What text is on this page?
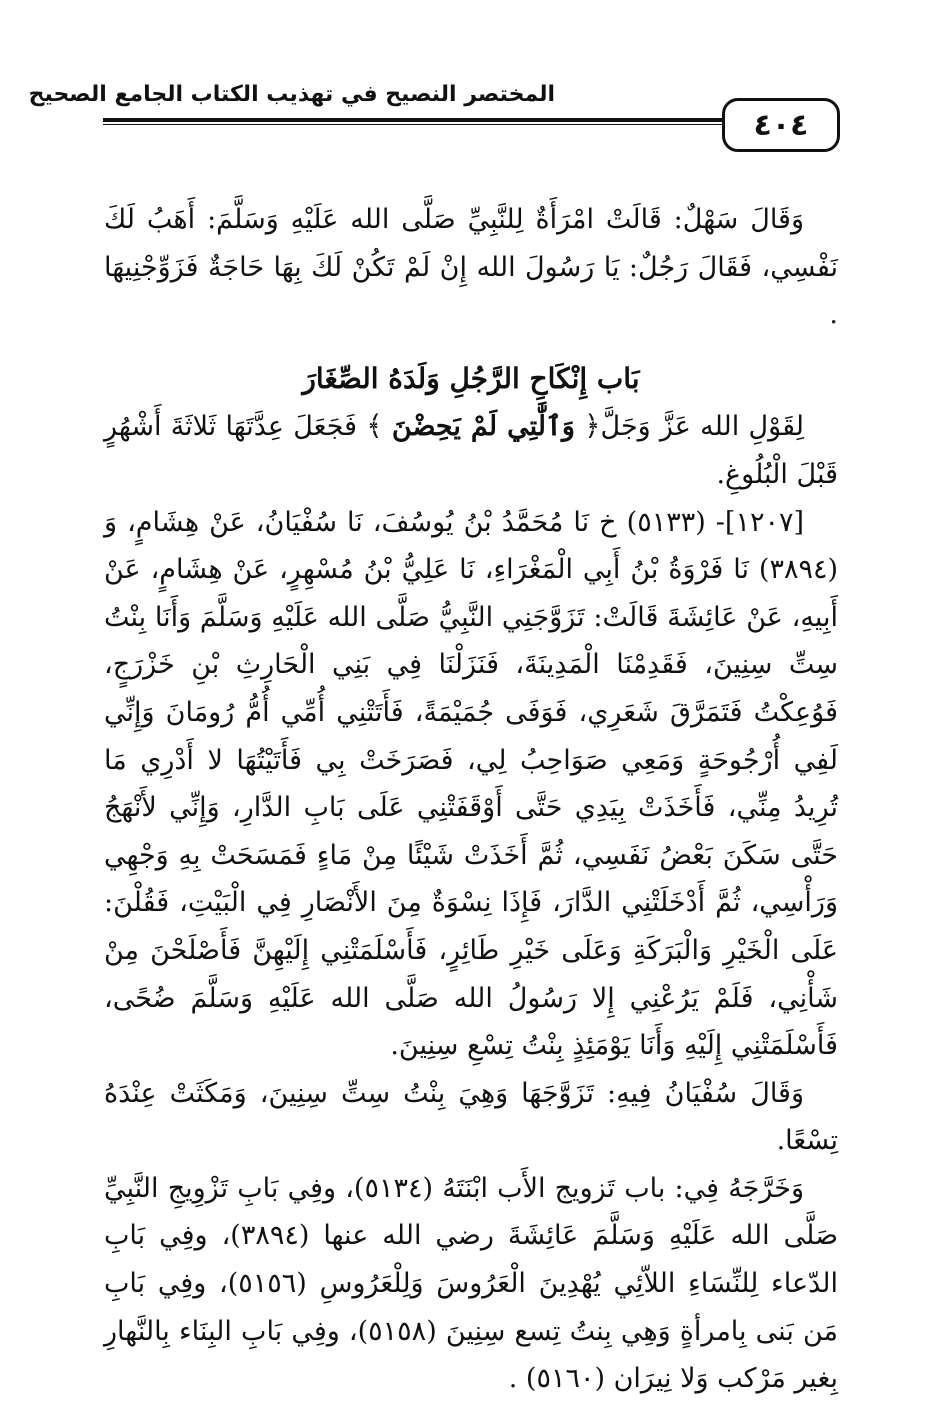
المختصر النصيح في تهذيب الكتاب الجامع الصحيح
٤٠٤

وَقَالَ سَهْلٌ: قَالَتْ امْرَأَةٌ لِلنَّبِيِّ صَلَّى الله عَلَيْهِ وَسَلَّمَ: أَهَبُ لَكَ نَفْسِي، فَقَالَ رَجُلٌ: يَا رَسُولَ الله إِنْ لَمْ تَكُنْ لَكَ بِهَا حَاجَةٌ فَزَوِّجْنِيهَا .

بَاب إِنْكَاحِ الرَّجُلِ وَلَدَهُ الصِّغَارَ

لِقَوْلِ الله عَزَّ وَجَلَّ﴿ وَٱلَّٰتِي لَمْ يَحِضْنَ ﴾ فَجَعَلَ عِدَّتَهَا ثَلاثَةَ أَشْهُرٍ قَبْلَ الْبُلُوغِ.

[١٢٠٧]- (٥١٣٣) خ نَا مُحَمَّدُ بْنُ يُوسُفَ، نَا سُفْيَانُ، عَنْ هِشَامٍ، وَ (٣٨٩٤) نَا فَرْوَةُ بْنُ أَبِي الْمَغْرَاءِ، نَا عَلِيُّ بْنُ مُسْهِرٍ، عَنْ هِشَامٍ، عَنْ أَبِيهِ، عَنْ عَائِشَةَ قَالَتْ: تَزَوَّجَنِي النَّبِيُّ صَلَّى الله عَلَيْهِ وَسَلَّمَ وَأَنَا بِنْتُ سِتِّ سِنِينَ، فَقَدِمْنَا الْمَدِينَةَ، فَنَزَلْنَا فِي بَنِي الْحَارِثِ بْنِ خَزْرَجٍ، فَوُعِكْتُ فَتَمَرَّقَ شَعَرِي، فَوَفَى جُمَيْمَةً، فَأَتَتْنِي أُمِّي أُمُّ رُومَانَ وَإِنِّي لَفِي أُرْجُوحَةٍ وَمَعِي صَوَاحِبُ لِي، فَصَرَخَتْ بِي فَأَتَيْتُهَا لا أَدْرِي مَا تُرِيدُ مِنِّي، فَأَخَذَتْ بِيَدِي حَتَّى أَوْقَفَتْنِي عَلَى بَابِ الدَّارِ، وَإِنِّي لأَنْهَجُ حَتَّى سَكَنَ بَعْضُ نَفَسِي، ثُمَّ أَخَذَتْ شَيْئًا مِنْ مَاءٍ فَمَسَحَتْ بِهِ وَجْهِي وَرَأْسِي، ثُمَّ أَدْخَلَتْنِي الدَّارَ، فَإِذَا نِسْوَةٌ مِنَ الأَنْصَارِ فِي الْبَيْتِ، فَقُلْنَ: عَلَى الْخَيْرِ وَالْبَرَكَةِ وَعَلَى خَيْرِ طَائِرٍ، فَأَسْلَمَتْنِي إِلَيْهِنَّ فَأَصْلَحْنَ مِنْ شَأْنِي، فَلَمْ يَرُعْنِي إِلا رَسُولُ الله صَلَّى الله عَلَيْهِ وَسَلَّمَ ضُحًى، فَأَسْلَمَتْنِي إِلَيْهِ وَأَنَا يَوْمَئِذٍ بِنْتُ تِسْعِ سِنِينَ.

وَقَالَ سُفْيَانُ فِيهِ: تَزَوَّجَهَا وَهِيَ بِنْتُ سِتِّ سِنِينَ، وَمَكَثَتْ عِنْدَهُ تِسْعًا.

وَخَرَّجَهُ فِي: باب تَزويج الأَب ابْنَتَهُ (٥١٣٤)، وفِي بَابِ تَزْوِيجِ النَّبِيِّ صَلَّى الله عَلَيْهِ وَسَلَّمَ عَائِشَةَ رضي الله عنها (٣٨٩٤)، وفِي بَابِ الدّعاء لِلنِّسَاءِ اللاّئِي يُهْدِينَ الْعَرُوسَ وَلِلْعَرُوسِ (٥١٥٦)، وفِي بَابِ مَن بَنى بِامرأةٍ وَهِي بِنتُ تِسع سِنِينَ (٥١٥٨)، وفِي بَابِ البِنَاء بِالنَّهارِ بِغير مَرْكب وَلا نِيرَان (٥١٦٠) .
